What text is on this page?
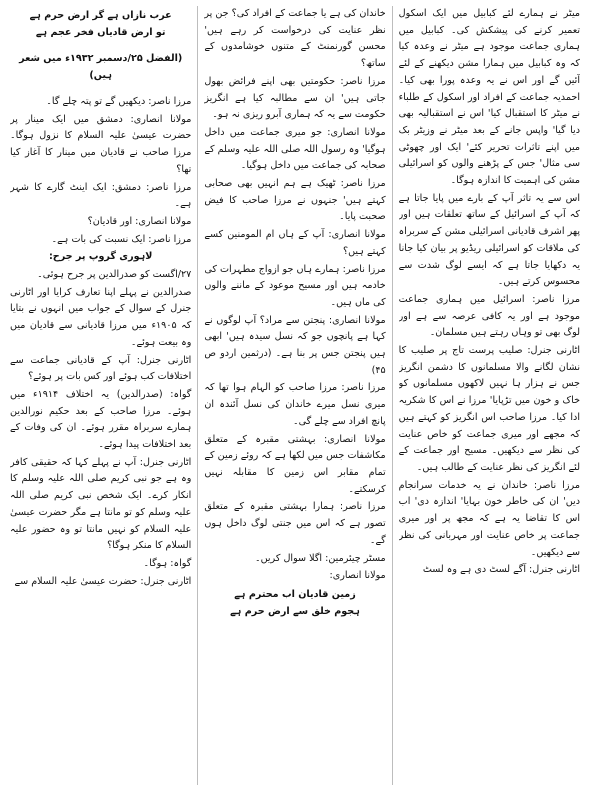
میٹر نے ہمارے لئے کبابیل میں ایک اسکول تعمیر کرنے کی پیشکش کی۔ کبابیل میں ہماری جماعت موجود ہے میٹر نے وعدہ کیا کہ وہ کبابیل میں ہمارا مشن دیکھنے کے لئے آئیں گے اور اس نے یہ وعدہ پورا بھی کیا۔ احمدیہ جماعت کے افراد اور اسکول کے طلباء نے میٹر کا استقبال کیا' اس نے استقبالیہ بھی دیا گیا' واپس جانے کے بعد میٹر نے وزیٹر بک میں اپنے تاثرات تحریر کئے' ایک اور چھوٹی سی مثال' جس کے پڑھنے والوں کو اسرائیلی مشن کی اہمیت کا اندازہ ہوگا۔

اس سے یہ تاثر آپ کے بارے میں پایا جاتا ہے کہ آپ کے اسرائیل کے ساتھ تعلقات ہیں اور پھر اشرف قادیانی اسرائیلی مشن کے سربراہ کی ملاقات کو اسرائیلی ریڈیو پر بیان کیا جانا یہ دکھایا جاتا ہے کہ ایسے لوگ شدت سے محسوس کرتے ہیں۔

مرزا ناصر: اسرائیل میں ہماری جماعت موجود ہے اور یہ کافی عرصہ سے ہے اور لوگ بھی تو وہاں رہتے ہیں مسلمان۔

اٹارنی جنرل: صلیب پرست تاج پر صلیب کا نشان لگانے والا مسلمانوں کا دشمن انگریز جس نے ہزار ہا نہیں لاکھوں مسلمانوں کو خاک و خون میں تڑپایا' مرزا نے اس کا شکریہ ادا کیا۔ مرزا صاحب اس انگریز کو کہتے ہیں کہ مجھے اور میری جماعت کو خاص عنایت کی نظر سے دیکھیں۔ مسیح اور جماعت کے لئے انگریز کی نظر عنایت کے طالب ہیں۔

مرزا ناصر: خاندان نے یہ خدمات سرانجام دیں' ان کی خاطر خون بہایا' اندازہ دی' اب اس کا تقاضا یہ ہے کہ مجھ پر اور میری جماعت پر خاص عنایت اور مہربانی کی نظر سے دیکھیں۔

اٹارنی جنرل: آگے لسٹ دی ہے وہ لسٹ

خاندان کی ہے یا جماعت کے افراد کی؟ جن پر نظر عنایت کی درخواست کر رہے ہیں' محسن گورنمنٹ کے متنوں خوشامدوں کے ساتھ؟

مرزا ناصر: حکومتیں بھی اپنے فرائض بھول جاتی ہیں' ان سے مطالبہ کیا ہے انگریز حکومت سے یہ کہ ہماری آبرو ریزی نہ ہو۔

مولانا انصاری: جو میری جماعت میں داخل ہوگیا' وہ رسول اللہ صلی اللہ علیہ وسلم کے صحابہ کی جماعت میں داخل ہوگیا۔

مرزا ناصر: ٹھیک ہے ہم انہیں بھی صحابی کہتے ہیں' جنہوں نے مرزا صاحب کا فیض صحبت پایا۔

مولانا انصاری: آپ کے ہاں ام المومنین کسے کہتے ہیں؟

مرزا ناصر: ہمارے ہاں جو ازواج مطہرات کی خادمہ ہیں اور مسیح موعود کے ماننے والوں کی ماں ہیں۔

مولانا انصاری: پنجتن سے مراد؟ آپ لوگوں نے کہا ہے پانچوں جو کہ نسل سیدہ ہیں' ابھی ہیں پنجتن جس پر بنا ہے۔ (درثمین اردو ص ۴۵)

مرزا ناصر: مرزا صاحب کو الہام ہوا تھا کہ میری نسل میرے خاندان کی نسل آئندہ ان پانچ افراد سے چلے گی۔

مولانا انصاری: بہشتی مقبرہ کے متعلق مکاشفات جس میں لکھا ہے کہ روئے زمین کے تمام مقابر اس زمین کا مقابلہ نہیں کرسکتے۔

مرزا ناصر: ہمارا بہشتی مقبرہ کے متعلق تصور ہے کہ اس میں جنتی لوگ داخل ہوں گے۔

مسٹر چیئرمین: اگلا سوال کریں۔

مولانا انصاری:

زمین قادیان اب محترم ہے
ہجوم خلق سے ارض حرم ہے

عرب نازاں ہے گر ارض حرم ہے
تو ارض قادیاں فخر عجم ہے

(الفضل ۲۵/دسمبر ۱۹۳۲ء میں شعر ہیں)

مرزا ناصر: دیکھیں گے تو پتہ چلے گا۔

مولانا انصاری: دمشق میں ایک مینار پر حضرت عیسیٰ علیہ السلام کا نزول ہوگا۔ مرزا صاحب نے قادیان میں مینار کا آغاز کیا تھا؟

مرزا ناصر: دمشق: ایک اینٹ گارے کا شہر ہے۔

مولانا انصاری: اور قادیان؟

مرزا ناصر: ایک نسبت کی بات ہے۔

لاہوری گروپ پر جرح:

۲۷/اگست کو صدرالدین پر جرح ہوئی۔

صدرالدین نے پہلے اپنا تعارف کرایا اور اٹارنی جنرل کے سوال کے جواب میں انہوں نے بتایا کہ ۱۹۰۵ء میں مرزا قادیانی سے قادیان میں وہ بیعت ہوئے۔

اٹارنی جنرل: آپ کے قادیانی جماعت سے اختلافات کب ہوئے اور کس بات پر ہوئے؟

گواہ: (صدرالدین) یہ اختلاف ۱۹۱۴ء میں ہوئے۔ مرزا صاحب کے بعد حکیم نورالدین ہمارے سربراہ مقرر ہوئے۔ ان کی وفات کے بعد اختلافات پیدا ہوئے۔

اٹارنی جنرل: آپ نے پہلے کہا کہ حقیقی کافر وہ ہے جو نبی کریم صلی اللہ علیہ وسلم کا انکار کرے۔ ایک شخص نبی کریم صلی اللہ علیہ وسلم کو تو مانتا ہے مگر حضرت عیسیٰ علیہ السلام کو نہیں مانتا تو وہ حضور علیہ السلام کا منکر ہوگا؟

گواہ: ہوگا۔

اٹارنی جنرل: حضرت عیسیٰ علیہ السلام سے
